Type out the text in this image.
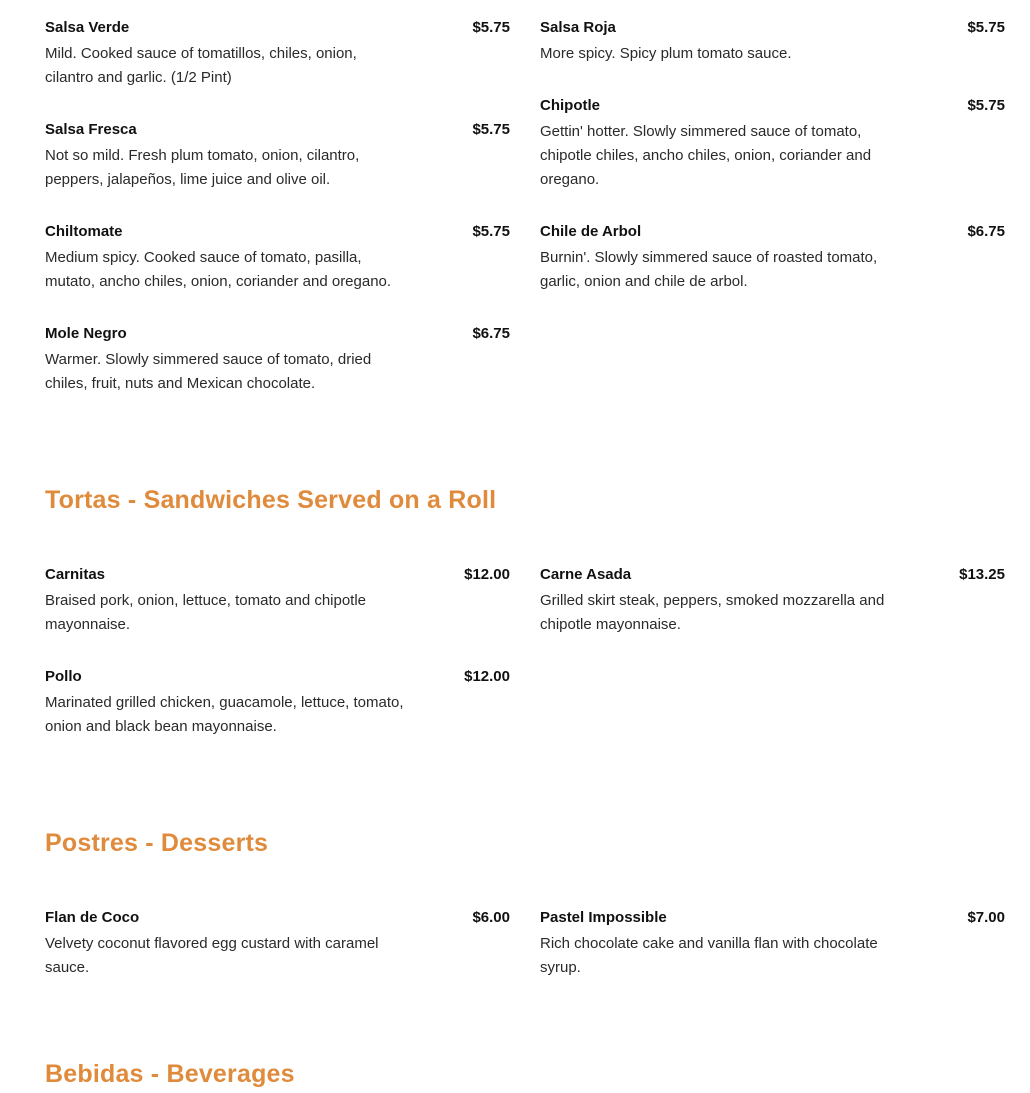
Salsa Verde	$5.75
Mild. Cooked sauce of tomatillos, chiles, onion, cilantro and garlic. (1/2 Pint)
Salsa Roja	$5.75
More spicy. Spicy plum tomato sauce.
Chipotle	$5.75
Gettin' hotter. Slowly simmered sauce of tomato, chipotle chiles, ancho chiles, onion, coriander and oregano.
Salsa Fresca	$5.75
Not so mild. Fresh plum tomato, onion, cilantro, peppers, jalapeños, lime juice and olive oil.
Chiltomate	$5.75
Medium spicy. Cooked sauce of tomato, pasilla, mutato, ancho chiles, onion, coriander and oregano.
Chile de Arbol	$6.75
Burnin'. Slowly simmered sauce of roasted tomato, garlic, onion and chile de arbol.
Mole Negro	$6.75
Warmer. Slowly simmered sauce of tomato, dried chiles, fruit, nuts and Mexican chocolate.
Tortas - Sandwiches Served on a Roll
Carnitas	$12.00
Braised pork, onion, lettuce, tomato and chipotle mayonnaise.
Carne Asada	$13.25
Grilled skirt steak, peppers, smoked mozzarella and chipotle mayonnaise.
Pollo	$12.00
Marinated grilled chicken, guacamole, lettuce, tomato, onion and black bean mayonnaise.
Postres - Desserts
Flan de Coco	$6.00
Velvety coconut flavored egg custard with caramel sauce.
Pastel Impossible	$7.00
Rich chocolate cake and vanilla flan with chocolate syrup.
Bebidas - Beverages
